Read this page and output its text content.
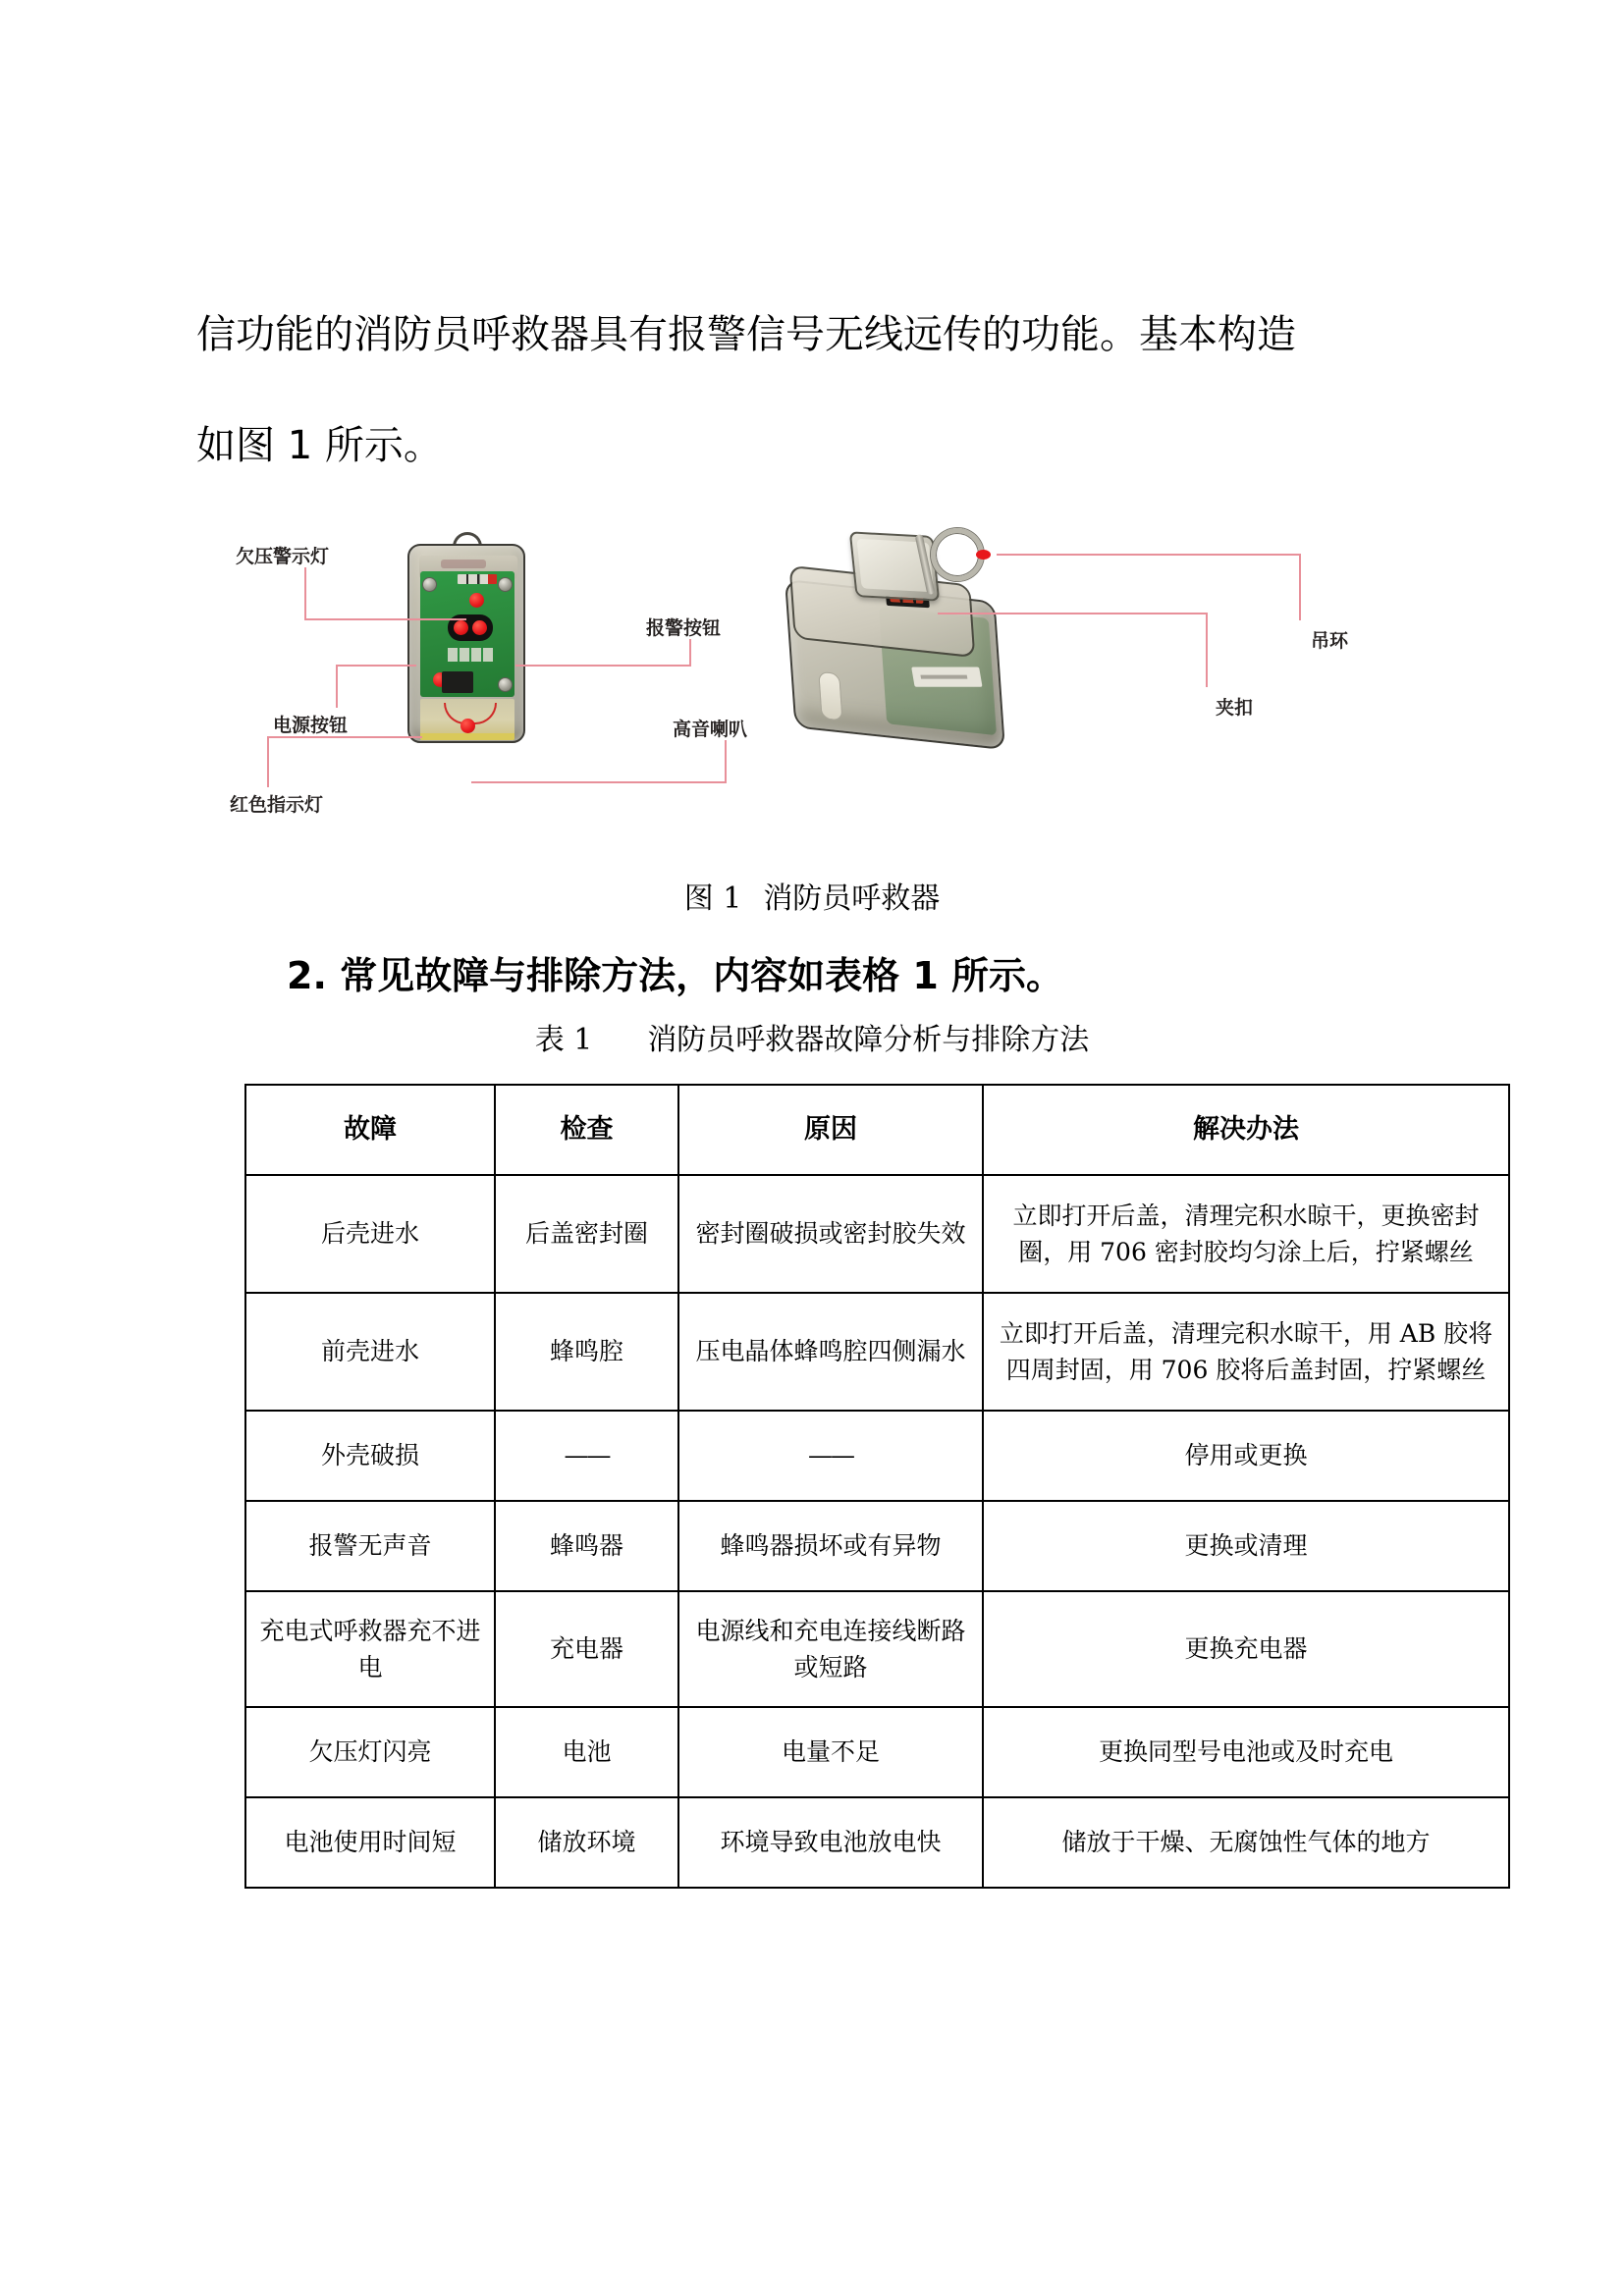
信功能的消防员呼救器具有报警信号无线远传的功能。基本构造
如图 1 所示。
欠压警示灯
报警按钮
电源按钮
红色指示灯
高音喇叭
吊环
夹扣
图 1 消防员呼救器
2. 常见故障与排除方法，内容如表格 1 所示。
表 1 消防员呼救器故障分析与排除方法
故障	检查	原因	解决办法
后壳进水	后盖密封圈	密封圈破损或密封胶失效	立即打开后盖，清理完积水晾干，更换密封圈，用 706 密封胶均匀涂上后，拧紧螺丝
前壳进水	蜂鸣腔	压电晶体蜂鸣腔四侧漏水	立即打开后盖，清理完积水晾干，用 AB 胶将四周封固，用 706 胶将后盖封固，拧紧螺丝
外壳破损	——	——	停用或更换
报警无声音	蜂鸣器	蜂鸣器损坏或有异物	更换或清理
充电式呼救器充不进电	充电器	电源线和充电连接线断路或短路	更换充电器
欠压灯闪亮	电池	电量不足	更换同型号电池或及时充电
电池使用时间短	储放环境	环境导致电池放电快	储放于干燥、无腐蚀性气体的地方
